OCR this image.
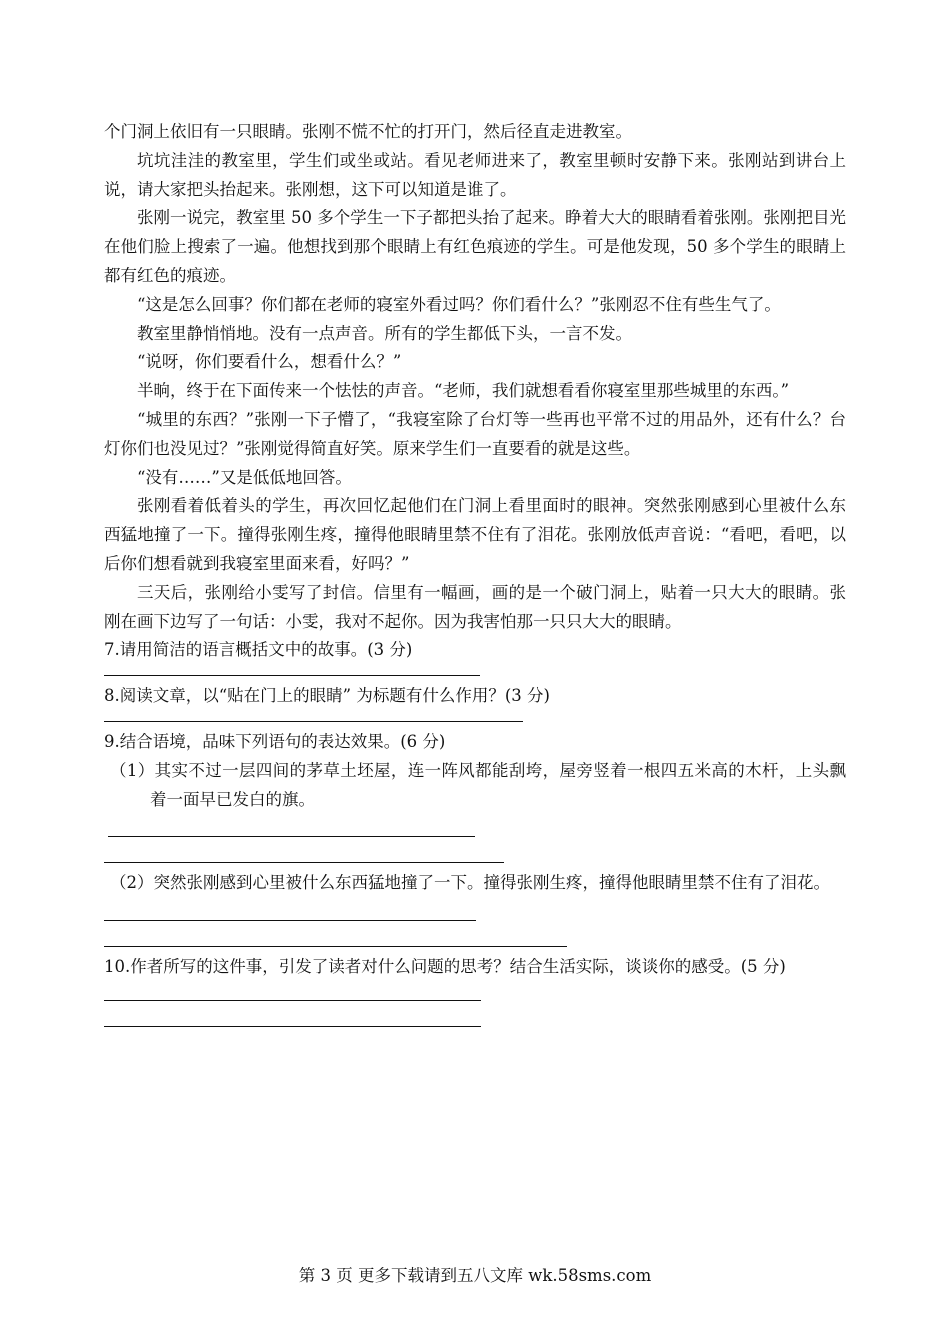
个门洞上依旧有一只眼睛。张刚不慌不忙的打开门，然后径直走进教室。

坑坑洼洼的教室里，学生们或坐或站。看见老师进来了，教室里顿时安静下来。张刚站到讲台上说，请大家把头抬起来。张刚想，这下可以知道是谁了。

张刚一说完，教室里 50 多个学生一下子都把头抬了起来。睁着大大的眼睛看着张刚。张刚把目光在他们脸上搜索了一遍。他想找到那个眼睛上有红色痕迹的学生。可是他发现，50 多个学生的眼睛上都有红色的痕迹。

“这是怎么回事？你们都在老师的寝室外看过吗？你们看什么？”张刚忍不住有些生气了。

教室里静悄悄地。没有一点声音。所有的学生都低下头，一言不发。

“说呀，你们要看什么，想看什么？”

半晌，终于在下面传来一个怯怯的声音。“老师，我们就想看看你寝室里那些城里的东西。”

“城里的东西？”张刚一下子懵了，“我寝室除了台灯等一些再也平常不过的用品外，还有什么？台灯你们也没见过？”张刚觉得简直好笑。原来学生们一直要看的就是这些。

“没有……”又是低低地回答。

张刚看着低着头的学生，再次回忆起他们在门洞上看里面时的眼神。突然张刚感到心里被什么东西猛地撞了一下。撞得张刚生疼，撞得他眼睛里禁不住有了泪花。张刚放低声音说：“看吧，看吧，以后你们想看就到我寝室里面来看，好吗？”

三天后，张刚给小雯写了封信。信里有一幅画，画的是一个破门洞上，贴着一只大大的眼睛。张刚在画下边写了一句话：小雯，我对不起你。因为我害怕那一只只大大的眼睛。

7.请用简洁的语言概括文中的故事。(3 分)

8.阅读文章，以“贴在门上的眼睛” 为标题有什么作用？(3 分)

9.结合语境，品味下列语句的表达效果。(6 分)

（1）其实不过一层四间的茅草土坯屋，连一阵风都能刮垮，屋旁竖着一根四五米高的木杆，上头飘着一面早已发白的旗。

（2）突然张刚感到心里被什么东西猛地撞了一下。撞得张刚生疼，撞得他眼睛里禁不住有了泪花。

10.作者所写的这件事，引发了读者对什么问题的思考？结合生活实际，谈谈你的感受。(5 分)

第 3 页 更多下载请到五八文库 wk.58sms.com
